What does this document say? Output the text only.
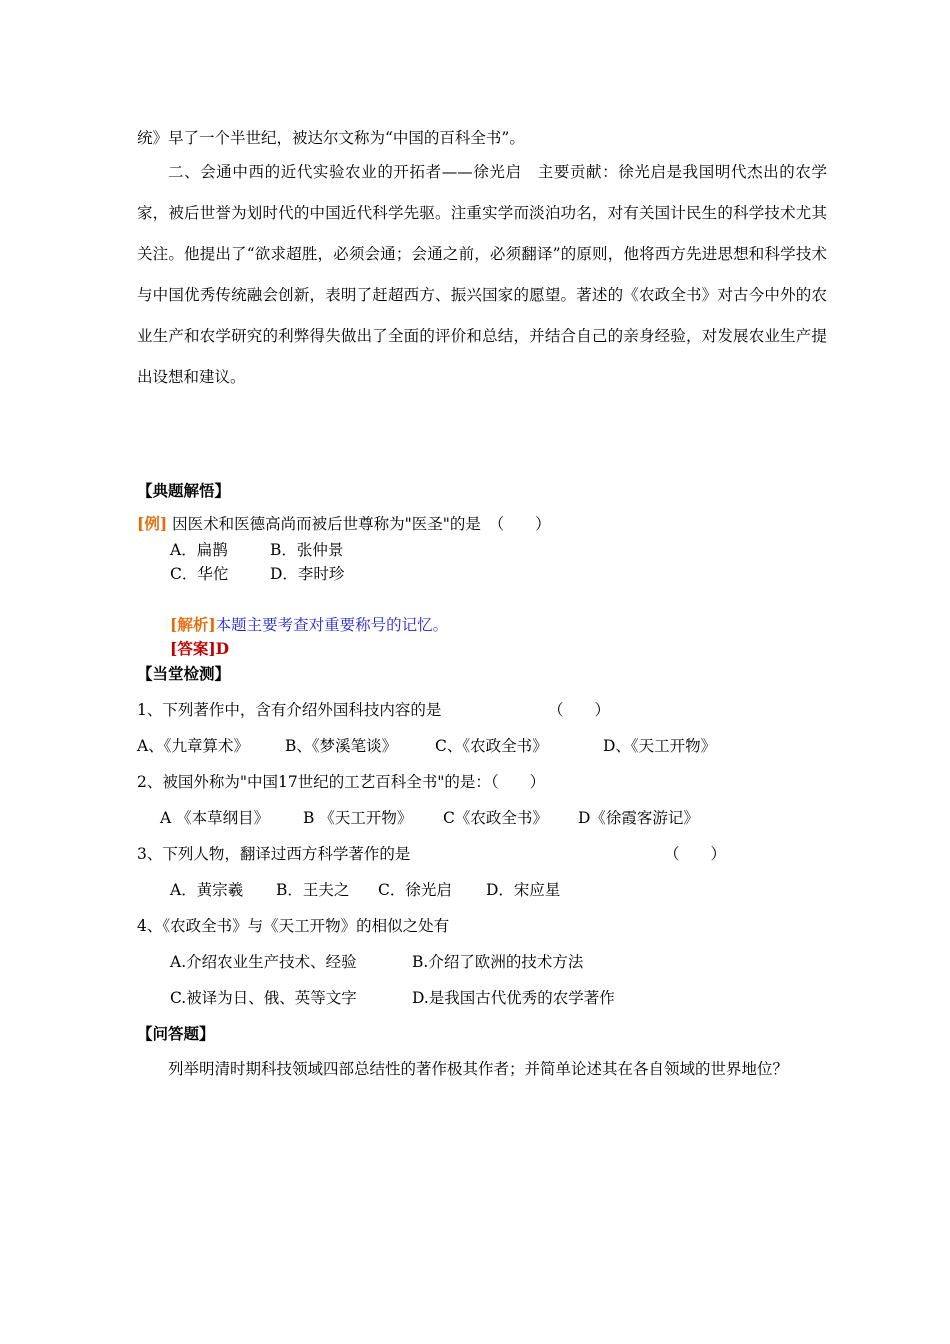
统》早了一个半世纪，被达尔文称为“中国的百科全书”。
二、会通中西的近代实验农业的开拓者——徐光启　主要贡献：徐光启是我国明代杰出的农学家，被后世誉为划时代的中国近代科学先驱。注重实学而淡泊功名，对有关国计民生的科学技术尤其关注。他提出了“欲求超胜，必须会通；会通之前，必须翻译”的原则，他将西方先进思想和科学技术与中国优秀传统融会创新，表明了赶超西方、振兴国家的愿望。著述的《农政全书》对古今中外的农业生产和农学研究的利弊得失做出了全面的评价和总结，并结合自己的亲身经验，对发展农业生产提出设想和建议。
【典题解悟】
[例] 因医术和医德高尚而被后世尊称为"医圣"的是　（　　）
A．扁鹊	B．张仲景
C．华佗	D．李时珍
[解析]本题主要考查对重要称号的记忆。
[答案]D
【当堂检测】
1、下列著作中，含有介绍外国科技内容的是	（　　）
A、《九章算术》 B、《梦溪笔谈》 C、《农政全书》	D、《天工开物》
2、被国外称为"中国17世纪的工艺百科全书"的是：（　　）
A 《本草纲目》 B 《天工开物》 C《农政全书》 D《徐霞客游记》
3、下列人物，翻译过西方科学著作的是	（　　）
A．黄宗羲 B．王夫之 C．徐光启 D．宋应星
4、《农政全书》与《天工开物》的相似之处有
A.介绍农业生产技术、经验	B.介绍了欧洲的技术方法
C.被译为日、俄、英等文字	D.是我国古代优秀的农学著作
【问答题】
列举明清时期科技领域四部总结性的著作极其作者；并简单论述其在各自领域的世界地位？
